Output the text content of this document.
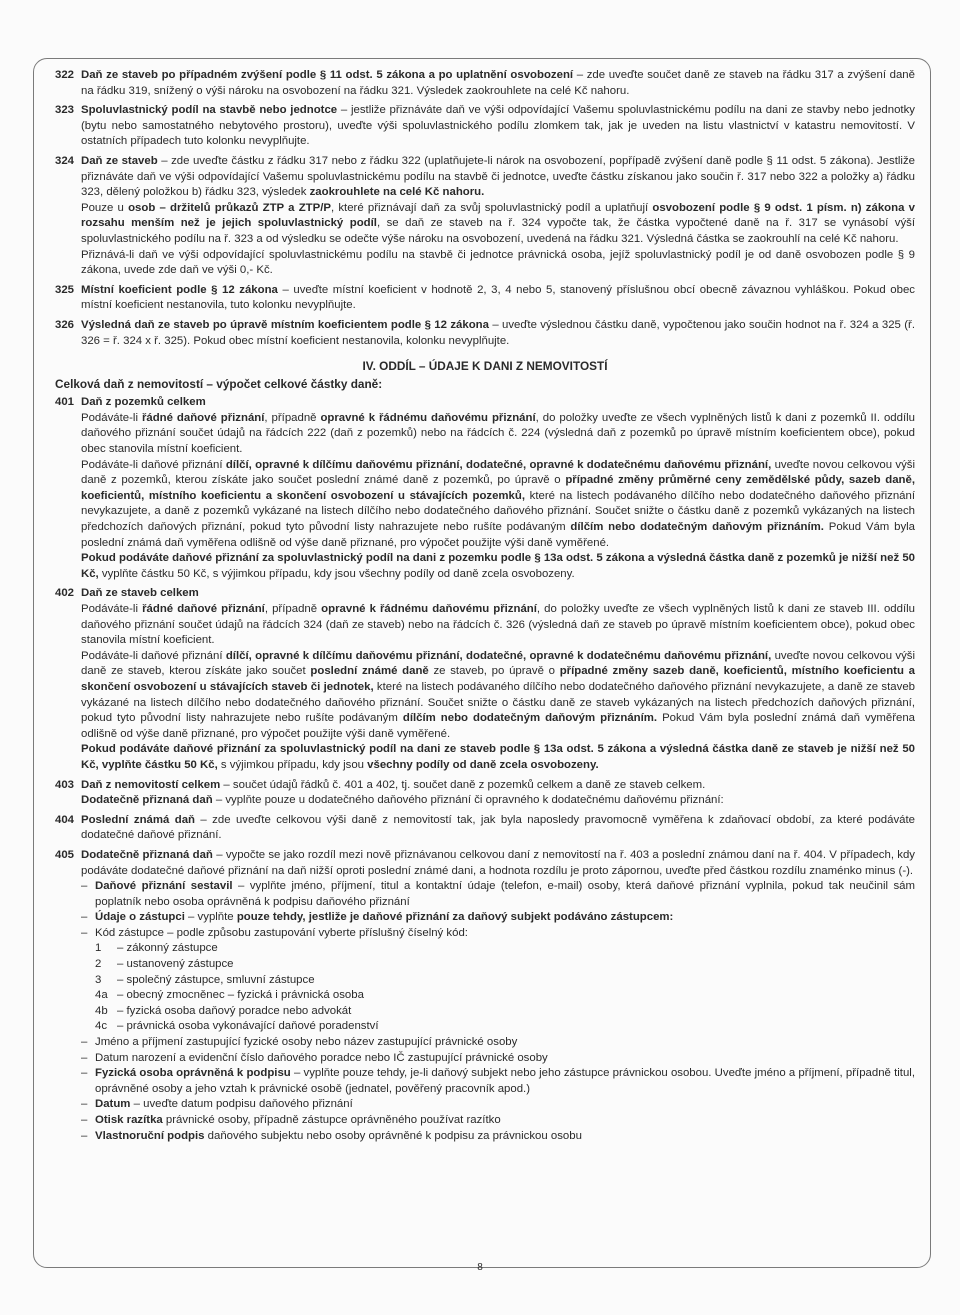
322 Daň ze staveb po případném zvýšení podle § 11 odst. 5 zákona a po uplatnění osvobození – zde uveďte součet daně ze staveb na řádku 317 a zvýšení daně na řádku 319, snížený o výši nároku na osvobození na řádku 321. Výsledek zaokrouhlete na celé Kč nahoru.
323 Spoluvlastnický podíl na stavbě nebo jednotce – jestliže přiznáváte daň ve výši odpovídající Vašemu spoluvlastnickému podílu na dani ze stavby nebo jednotky (bytu nebo samostatného nebytového prostoru), uveďte výši spoluvlastnického podílu zlomkem tak, jak je uveden na listu vlastnictví v katastru nemovitostí. V ostatních případech tuto kolonku nevyplňujte.
324 Daň ze staveb – zde uveďte částku z řádku 317 nebo z řádku 322 (uplatňujete-li nárok na osvobození, popřípadě zvýšení daně podle § 11 odst. 5 zákona). Jestliže přiznáváte daň ve výši odpovídající Vašemu spoluvlastnickému podílu na stavbě či jednotce, uveďte částku získanou jako součin ř. 317 nebo 322 a položky a) řádku 323, dělený položkou b) řádku 323, výsledek zaokrouhlete na celé Kč nahoru.

Pouze u osob – držitelů průkazů ZTP a ZTP/P, které přiznávají daň za svůj spoluvlastnický podíl a uplatňují osvobození podle § 9 odst. 1 písm. n) zákona v rozsahu menším než je jejich spoluvlastnický podíl, se daň ze staveb na ř. 324 vypočte tak, že částka vypočtené daně na ř. 317 se vynásobí výší spoluvlastnického podílu na ř. 323 a od výsledku se odečte výše nároku na osvobození, uvedená na řádku 321. Výsledná částka se zaokrouhlí na celé Kč nahoru.

Přiznává-li daň ve výši odpovídající spoluvlastnickému podílu na stavbě či jednotce právnická osoba, jejíž spoluvlastnický podíl je od daně osvobozen podle § 9 zákona, uvede zde daň ve výši 0,- Kč.

325 Místní koeficient podle § 12 zákona – uveďte místní koeficient v hodnotě 2, 3, 4 nebo 5, stanovený příslušnou obcí obecně závaznou vyhláškou. Pokud obec místní koeficient nestanovila, tuto kolonku nevyplňujte.
326 Výsledná daň ze staveb po úpravě místním koeficientem podle § 12 zákona – uveďte výslednou částku daně, vypočtenou jako součin hodnot na ř. 324 a 325 (ř. 326 = ř. 324 x ř. 325). Pokud obec místní koeficient nestanovila, kolonku nevyplňujte.
IV. ODDÍL – ÚDAJE K DANI Z NEMOVITOSTÍ
Celková daň z nemovitostí – výpočet celkové částky daně:
401 Daň z pozemků celkem

Podáváte-li řádné daňové přiznání, případně opravné k řádnému daňovému přiznání, do položky uveďte ze všech vyplněných listů k dani z pozemků II. oddílu daňového přiznání součet údajů na řádcích 222 (daň z pozemků) nebo na řádcích č. 224 (výsledná daň z pozemků po úpravě místním koeficientem obce), pokud obec stanovila místní koeficient.

Podáváte-li daňové přiznání dílčí, opravné k dílčímu daňovému přiznání, dodatečné, opravné k dodatečnému daňovému přiznání, uveďte novou celkovou výši daně z pozemků, kterou získáte jako součet poslední známé daně z pozemků, po úpravě o případné změny průměrné ceny zemědělské půdy, sazeb daně, koeficientů, místního koeficientu a skončení osvobození u stávajících pozemků, které na listech podávaného dílčího nebo dodatečného daňového přiznání nevykazujete, a daně z pozemků vykázané na listech dílčího nebo dodatečného daňového přiznání. Součet snižte o částku daně z pozemků vykázaných na listech předchozích daňových přiznání, pokud tyto původní listy nahrazujete nebo rušíte podávaným dílčím nebo dodatečným daňovým přiznáním. Pokud Vám byla poslední známá daň vyměřena odlišně od výše daně přiznané, pro výpočet použijte výši daně vyměřené.

Pokud podáváte daňové přiznání za spoluvlastnický podíl na dani z pozemku podle § 13a odst. 5 zákona a výsledná částka daně z pozemků je nižší než 50 Kč, vyplňte částku 50 Kč, s výjimkou případu, kdy jsou všechny podíly od daně zcela osvobozeny.

402 Daň ze staveb celkem

Podáváte-li řádné daňové přiznání, případně opravné k řádnému daňovému přiznání, do položky uveďte ze všech vyplněných listů k dani ze staveb III. oddílu daňového přiznání součet údajů na řádcích 324 (daň ze staveb) nebo na řádcích č. 326 (výsledná daň ze staveb po úpravě místním koeficientem obce), pokud obec stanovila místní koeficient.

Podáváte-li daňové přiznání dílčí, opravné k dílčímu daňovému přiznání, dodatečné, opravné k dodatečnému daňovému přiznání, uveďte novou celkovou výši daně ze staveb, kterou získáte jako součet poslední známé daně ze staveb, po úpravě o případné změny sazeb daně, koeficientů, místního koeficientu a skončení osvobození u stávajících staveb či jednotek, které na listech podávaného dílčího nebo dodatečného daňového přiznání nevykazujete, a daně ze staveb vykázané na listech dílčího nebo dodatečného daňového přiznání. Součet snižte o částku daně ze staveb vykázaných na listech předchozích daňových přiznání, pokud tyto původní listy nahrazujete nebo rušíte podávaným dílčím nebo dodatečným daňovým přiznáním. Pokud Vám byla poslední známá daň vyměřena odlišně od výše daně přiznané, pro výpočet použijte výši daně vyměřené.

Pokud podáváte daňové přiznání za spoluvlastnický podíl na dani ze staveb podle § 13a odst. 5 zákona a výsledná částka daně ze staveb je nižší než 50 Kč, vyplňte částku 50 Kč, s výjimkou případu, kdy jsou všechny podíly od daně zcela osvobozeny.

403 Daň z nemovitostí celkem – součet údajů řádků č. 401 a 402, tj. součet daně z pozemků celkem a daně ze staveb celkem.

Dodatečně přiznaná daň – vyplňte pouze u dodatečného daňového přiznání či opravného k dodatečnému daňovému přiznání:

404 Poslední známá daň – zde uveďte celkovou výši daně z nemovitostí tak, jak byla naposledy pravomocně vyměřena k zdaňovací období, za které podáváte dodatečné daňové přiznání.
405 Dodatečně přiznaná daň – vypočte se jako rozdíl mezi nově přiznávanou celkovou daní z nemovitostí na ř. 403 a poslední známou daní na ř. 404. V případech, kdy podáváte dodatečné daňové přiznání na daň nižší oproti poslední známé dani, a hodnota rozdílu je proto zápornou, uveďte před částkou rozdílu znaménko minus (-).

– Daňové přiznání sestavil – vyplňte jméno, příjmení, titul a kontaktní údaje (telefon, e-mail) osoby, která daňové přiznání vyplnila, pokud tak neučinil sám poplatník nebo osoba oprávněná k podpisu daňového přiznání
– Údaje o zástupci – vyplňte pouze tehdy, jestliže je daňové přiznání za daňový subjekt podáváno zástupcem:
– Kód zástupce – podle způsobu zastupování vyberte příslušný číselný kód:
1	– zákonný zástupce
2	– ustanovený zástupce
3	– společný zástupce, smluvní zástupce
4a – obecný zmocněnec – fyzická i právnická osoba
4b – fyzická osoba daňový poradce nebo advokát
4c – právnická osoba vykonávající daňové poradenství
– Jméno a příjmení zastupující fyzické osoby nebo název zastupující právnické osoby
– Datum narození a evidenční číslo daňového poradce nebo IČ zastupující právnické osoby
– Fyzická osoba oprávněná k podpisu – vyplňte pouze tehdy, je-li daňový subjekt nebo jeho zástupce právnickou osobou. Uveďte jméno a příjmení, případně titul, oprávněné osoby a jeho vztah k právnické osobě (jednatel, pověřený pracovník apod.)
– Datum – uveďte datum podpisu daňového přiznání
– Otisk razítka právnické osoby, případně zástupce oprávněného používat razítko
– Vlastnoruční podpis daňového subjektu nebo osoby oprávněné k podpisu za právnickou osobu
8
